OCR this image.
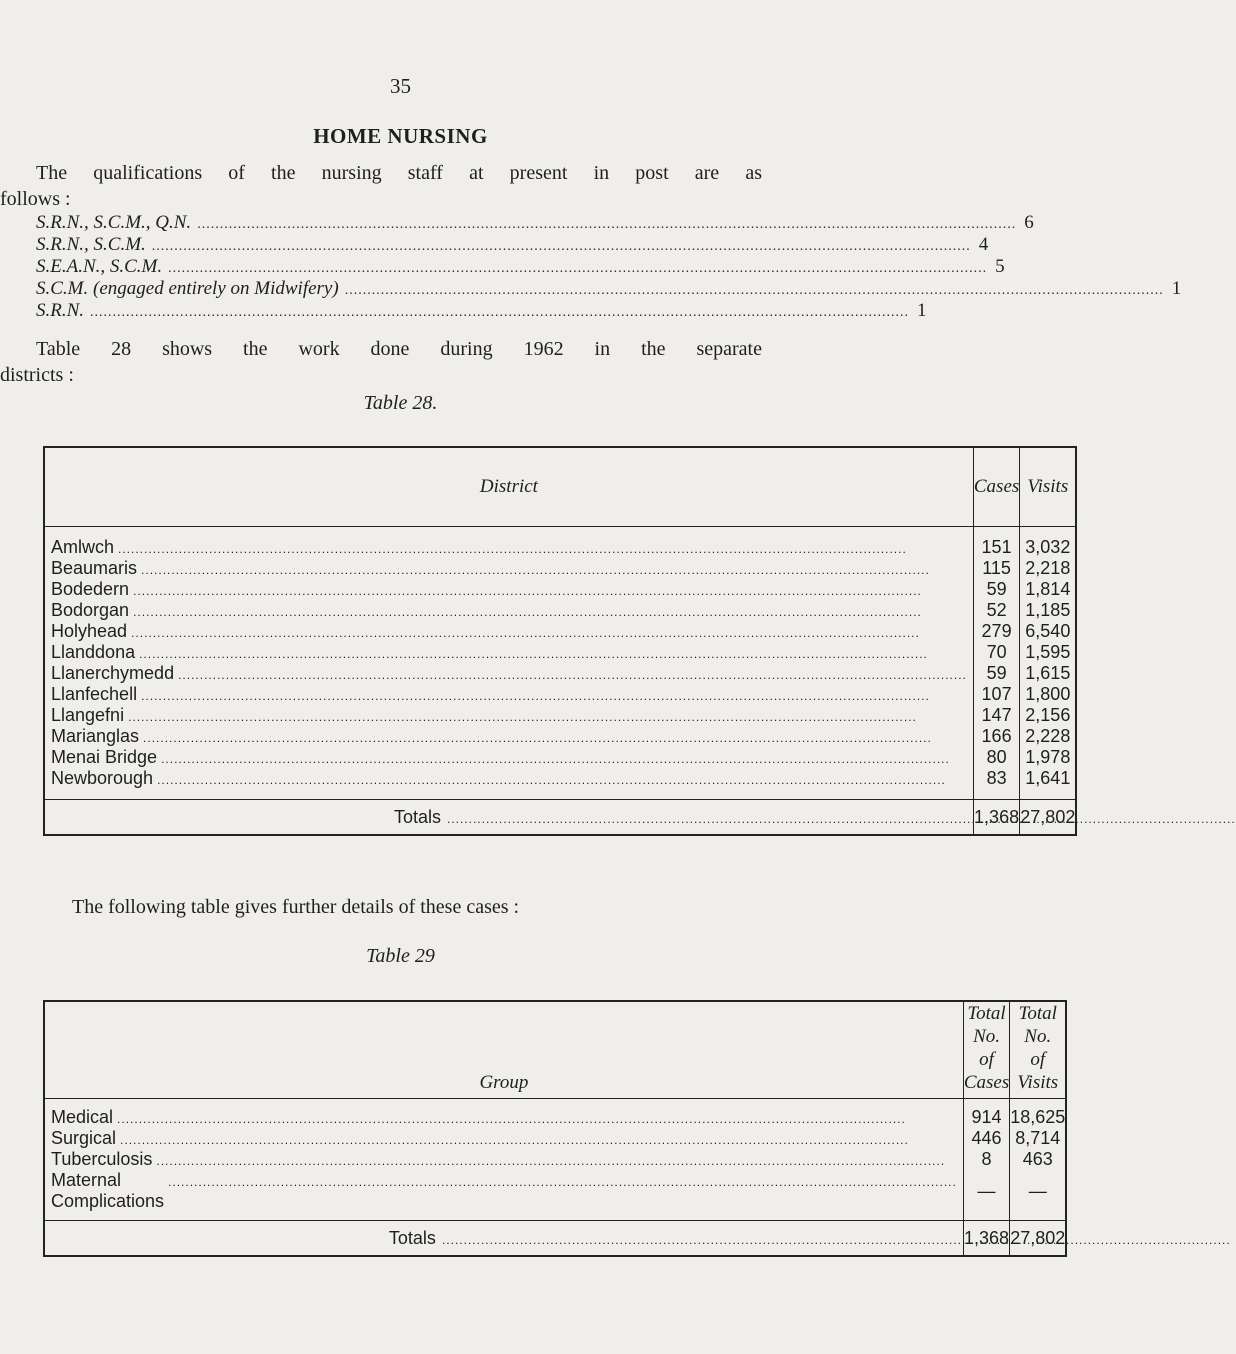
35
HOME NURSING
The qualifications of the nursing staff at present in post are as
follows :
S.R.N., S.C.M., Q.N. .....	6
S.R.N., S.C.M. .....	4
S.E.A.N., S.C.M. .....	5
S.C.M. (engaged entirely on Midwifery) .....	1
S.R.N. .....	1
Table 28 shows the work done during 1962 in the separate
districts :
Table 28.
District	Cases	Visits

Amlwch
.....	151	3,032

Beaumaris
.....	115	2,218

Bodedern
.....	59	1,814

Bodorgan
.....	52	1,185

Holyhead
.....	279	6,540

Llanddona
.....	70	1,595

Llanerchymedd
.....	59	1,615

Llanfechell
.....	107	1,800

Llangefni
.....	147	2,156

Marianglas
.....	166	2,228

Menai Bridge
.....	80	1,978

Newborough
.....	83	1,641

Totals
.....	1,368	27,802
The following table gives further details of these cases :
Table 29
Group	Total No.
of Cases	Total No.
of Visits

Medical
.....	914	18,625

Surgical
.....	446	8,714

Tuberculosis
.....	8	463

Maternal Complications
.....	—	—

Totals
.....	1,368	27,802
